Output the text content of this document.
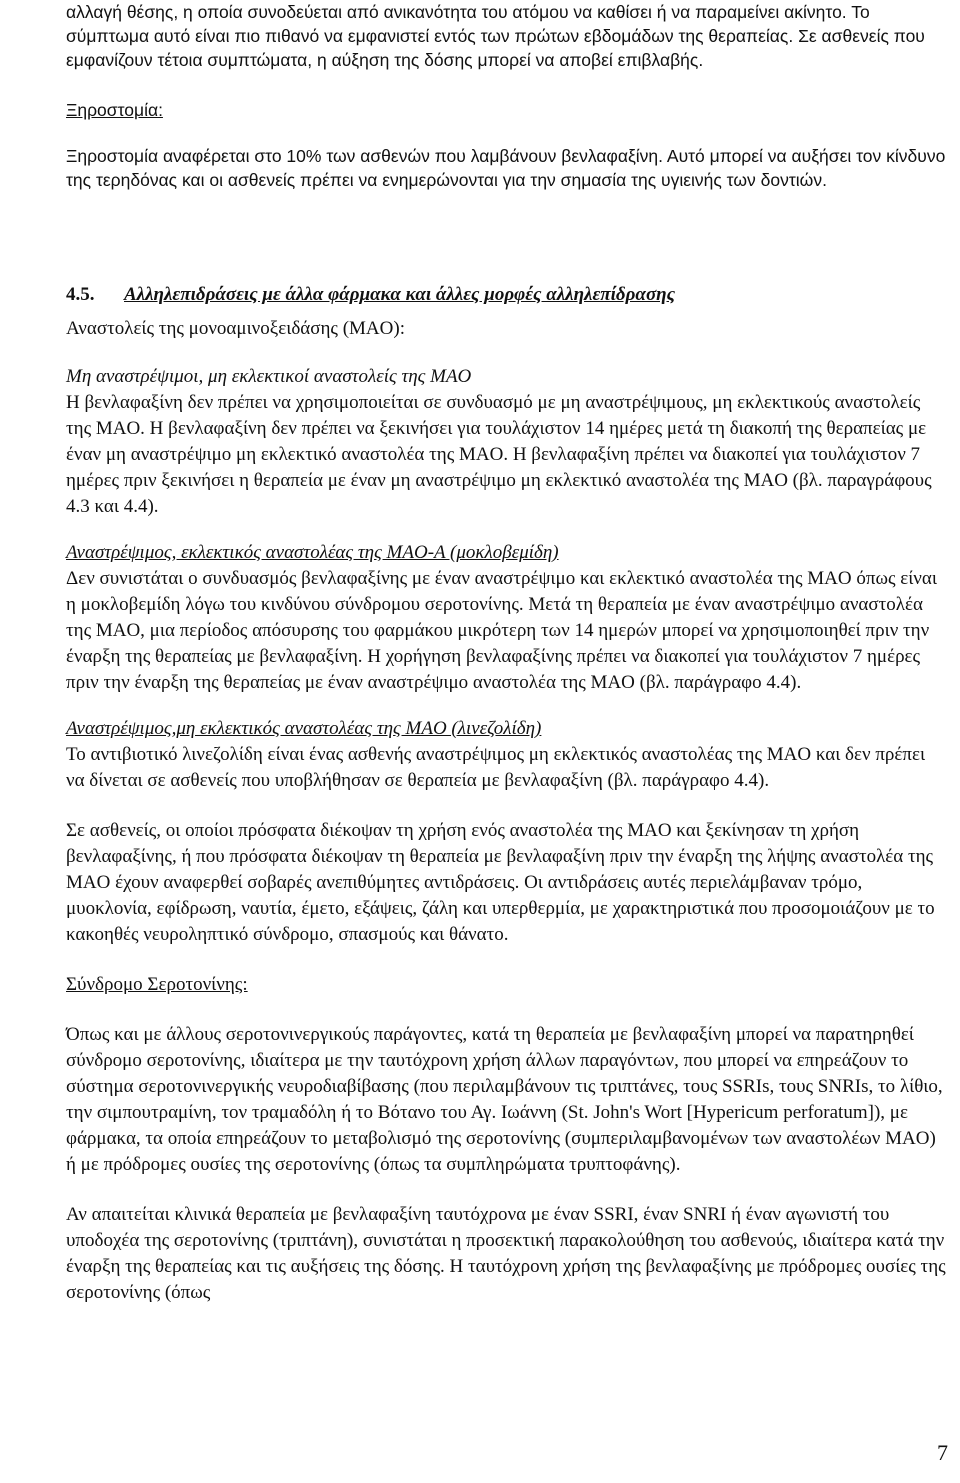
αλλαγή θέσης, η οποία συνοδεύεται από ανικανότητα του ατόμου να καθίσει ή να παραμείνει ακίνητο. Το σύμπτωμα αυτό είναι πιο πιθανό να εμφανιστεί εντός των πρώτων εβδομάδων της θεραπείας. Σε ασθενείς που εμφανίζουν τέτοια συμπτώματα, η αύξηση της δόσης μπορεί να αποβεί επιβλαβής.

Ξηροστομία:

Ξηροστομία αναφέρεται στο 10% των ασθενών που λαμβάνουν βενλαφαξίνη. Αυτό μπορεί να αυξήσει τον κίνδυνο της τερηδόνας και οι ασθενείς πρέπει να ενημερώνονται για την σημασία της υγιεινής των δοντιών.

4.5.	Αλληλεπιδράσεις με άλλα φάρμακα και άλλες μορφές αλληλεπίδρασης

Αναστολείς της μονοαμινοξειδάσης (MAO):

Μη αναστρέψιμοι, μη εκλεκτικοί αναστολείς της MAO

Η βενλαφαξίνη δεν πρέπει να χρησιμοποιείται σε συνδυασμό με μη αναστρέψιμους, μη εκλεκτικούς αναστολείς της MAO. Η βενλαφαξίνη δεν πρέπει να ξεκινήσει για τουλάχιστον 14 ημέρες μετά τη διακοπή της θεραπείας με έναν μη αναστρέψιμο μη εκλεκτικό αναστολέα της MAO. Η βενλαφαξίνη πρέπει να διακοπεί για τουλάχιστον 7 ημέρες πριν ξεκινήσει η θεραπεία με έναν μη αναστρέψιμο μη εκλεκτικό αναστολέα της MAO (βλ. παραγράφους 4.3 και 4.4).

Αναστρέψιμος, εκλεκτικός αναστολέας της MAO-A (μοκλοβεμίδη)

Δεν συνιστάται ο συνδυασμός βενλαφαξίνης με έναν αναστρέψιμο και εκλεκτικό αναστολέα της MAO όπως είναι η μοκλοβεμίδη λόγω του κινδύνου σύνδρομου σεροτονίνης. Μετά τη θεραπεία με έναν αναστρέψιμο αναστολέα της MAO, μια περίοδος απόσυρσης του φαρμάκου μικρότερη των 14 ημερών μπορεί να χρησιμοποιηθεί πριν την έναρξη της θεραπείας με βενλαφαξίνη. Η χορήγηση βενλαφαξίνης πρέπει να διακοπεί για τουλάχιστον 7 ημέρες πριν την έναρξη της θεραπείας με έναν αναστρέψιμο αναστολέα της MAO (βλ. παράγραφο 4.4).

Αναστρέψιμος,μη εκλεκτικός αναστολέας της MAO (λινεζολίδη)

Το αντιβιοτικό λινεζολίδη είναι ένας ασθενής αναστρέψιμος μη εκλεκτικός αναστολέας της MAO και δεν πρέπει να δίνεται σε ασθενείς που υποβλήθησαν σε θεραπεία με βενλαφαξίνη (βλ. παράγραφο 4.4).

Σε ασθενείς, οι οποίοι πρόσφατα διέκοψαν τη χρήση ενός αναστολέα της MAO και ξεκίνησαν τη χρήση βενλαφαξίνης, ή που πρόσφατα διέκοψαν τη θεραπεία με βενλαφαξίνη πριν την έναρξη της λήψης αναστολέα της MAO έχουν αναφερθεί σοβαρές ανεπιθύμητες αντιδράσεις. Οι αντιδράσεις αυτές περιελάμβαναν τρόμο, μυοκλονία, εφίδρωση, ναυτία, έμετο, εξάψεις, ζάλη και υπερθερμία, με χαρακτηριστικά που προσομοιάζουν με το κακοηθές νευροληπτικό σύνδρομο, σπασμούς και θάνατο.

Σύνδρομο Σεροτονίνης:

Όπως και με άλλους σεροτονινεργικούς παράγοντες, κατά τη θεραπεία με βενλαφαξίνη μπορεί να παρατηρηθεί σύνδρομο σεροτονίνης, ιδιαίτερα με την ταυτόχρονη χρήση άλλων παραγόντων, που μπορεί να επηρεάζουν το σύστημα σεροτονινεργικής νευροδιαβίβασης (που περιλαμβάνουν τις τριπτάνες, τους SSRIs, τους SNRIs, το λίθιο, την σιμπουτραμίνη, τον τραμαδόλη ή το Βότανο του Αγ. Ιωάννη (St. John's Wort [Hypericum perforatum]), με φάρμακα, τα οποία επηρεάζουν το μεταβολισμό της σεροτονίνης (συμπεριλαμβανομένων των αναστολέων MAO) ή με πρόδρομες ουσίες της σεροτονίνης (όπως τα συμπληρώματα τρυπτοφάνης).

Αν απαιτείται κλινικά θεραπεία με βενλαφαξίνη ταυτόχρονα με έναν SSRI, έναν SNRI ή έναν αγωνιστή του υποδοχέα της σεροτονίνης (τριπτάνη), συνιστάται η προσεκτική παρακολούθηση του ασθενούς, ιδιαίτερα κατά την έναρξη της θεραπείας και τις αυξήσεις της δόσης. Η ταυτόχρονη χρήση της βενλαφαξίνης με πρόδρομες ουσίες της σεροτονίνης (όπως

7
